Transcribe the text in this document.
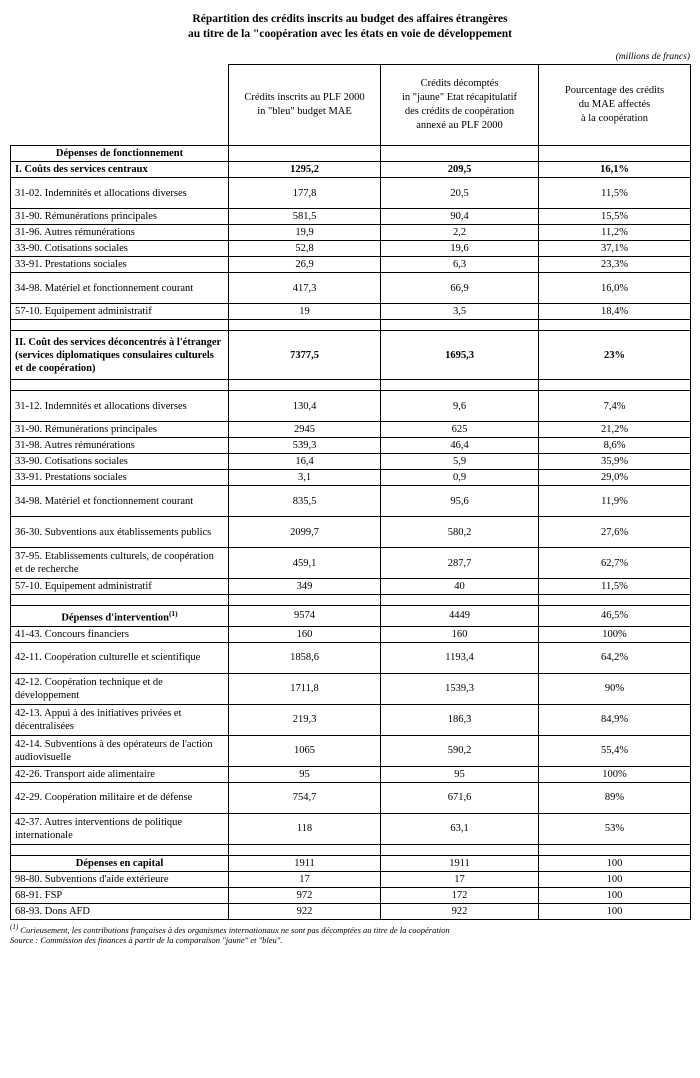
Répartition des crédits inscrits au budget des affaires étrangères
au titre de la "coopération avec les états en voie de développement
(millions de francs)

Crédits inscrits au PLF 2000
in "bleu" budget MAE

Crédits décomptés
in "jaune" Etat récapitulatif
des crédits de coopération
annexé au PLF 2000

Pourcentage des crédits
du MAE affectés
à la coopération

Dépenses de fonctionnement			

I. Coûts des services centraux	1295,2	209,5	16,1%
31-02. Indemnités et allocations diverses	177,8	20,5	11,5%
31-90. Rémunérations principales	581,5	90,4	15,5%
31-96. Autres rémunérations	19,9	2,2	11,2%
33-90. Cotisations sociales	52,8	19,6	37,1%
33-91. Prestations sociales	26,9	6,3	23,3%
34-98. Matériel et fonctionnement courant	417,3	66,9	16,0%
57-10. Equipement administratif	19	3,5	18,4%

II. Coût des services déconcentrés à l'étranger
(services diplomatiques consulaires culturels et de coopération)	7377,5	1695,3	23%

31-12. Indemnités et allocations diverses	130,4	9,6	7,4%
31-90. Rémunérations principales	2945	625	21,2%
31-98. Autres rémunérations	539,3	46,4	8,6%
33-90. Cotisations sociales	16,4	5,9	35,9%
33-91. Prestations sociales	3,1	0,9	29,0%
34-98. Matériel et fonctionnement courant	835,5	95,6	11,9%
36-30. Subventions aux établissements publics	2099,7	580,2	27,6%
37-95. Etablissements culturels, de coopération et de recherche	459,1	287,7	62,7%
57-10. Equipement administratif	349	40	11,5%

Dépenses d'intervention$^{(1)}$	9574	4449	46,5%
41-43. Concours financiers	160	160	100%
42-11. Coopération culturelle et scientifique	1858,6	1193,4	64,2%
42-12. Coopération technique et de développement	1711,8	1539,3	90%
42-13. Appui à des initiatives privées et décentralisées	219,3	186,3	84,9%
42-14. Subventions à des opérateurs de l'action audiovisuelle	1065	590,2	55,4%
42-26. Transport aide alimentaire	95	95	100%
42-29. Coopération militaire et de défense	754,7	671,6	89%
42-37. Autres interventions de politique internationale	118	63,1	53%

Dépenses en capital	1911	1911	100
98-80. Subventions d'aide extérieure	17	17	100
68-91. FSP	972	172	100
68-93. Dons AFD	922	922	100
$^{(1)}$ Curieusement, les contributions françaises à des organismes internationaux ne sont pas décomptées au titre de la coopération
Source : Commission des finances à partir de la comparaison "jaune" et "bleu".
